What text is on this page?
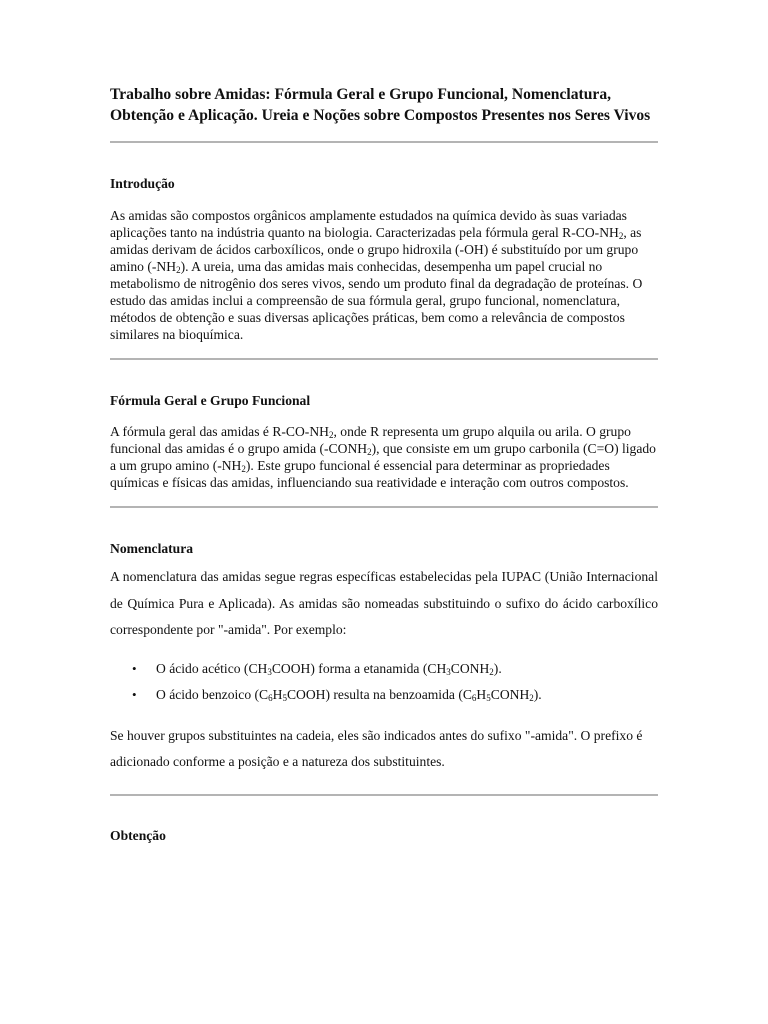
Trabalho sobre Amidas: Fórmula Geral e Grupo Funcional, Nomenclatura, Obtenção e Aplicação. Ureia e Noções sobre Compostos Presentes nos Seres Vivos
Introdução

As amidas são compostos orgânicos amplamente estudados na química devido às suas variadas aplicações tanto na indústria quanto na biologia. Caracterizadas pela fórmula geral $R-CO-NH_2$, as amidas derivam de ácidos carboxílicos, onde o grupo hidroxila (-OH) é substituído por um grupo amino $(-NH_2)$. A ureia, uma das amidas mais conhecidas, desempenha um papel crucial no metabolismo de nitrogênio dos seres vivos, sendo um produto final da degradação de proteínas. O estudo das amidas inclui a compreensão de sua fórmula geral, grupo funcional, nomenclatura, métodos de obtenção e suas diversas aplicações práticas, bem como a relevância de compostos similares na bioquímica.

Fórmula Geral e Grupo Funcional

A fórmula geral das amidas é $R-CO-NH_2$, onde R representa um grupo alquila ou arila. O grupo funcional das amidas é o grupo amida $(-CONH_2)$, que consiste em um grupo carbonila (C=O) ligado a um grupo amino $(-NH_2)$. Este grupo funcional é essencial para determinar as propriedades químicas e físicas das amidas, influenciando sua reatividade e interação com outros compostos.

Nomenclatura

A nomenclatura das amidas segue regras específicas estabelecidas pela IUPAC (União Internacional de Química Pura e Aplicada). As amidas são nomeadas substituindo o sufixo do ácido carboxílico correspondente por "-amida". Por exemplo:

• O ácido acético $(CH_3COOH)$ forma a etanamida $(CH_3CONH_2)$.
• O ácido benzoico $(C_6H_5COOH)$ resulta na benzoamida $(C_6H_5CONH_2)$.

Se houver grupos substituintes na cadeia, eles são indicados antes do sufixo "-amida". O prefixo é adicionado conforme a posição e a natureza dos substituintes.

Obtenção
